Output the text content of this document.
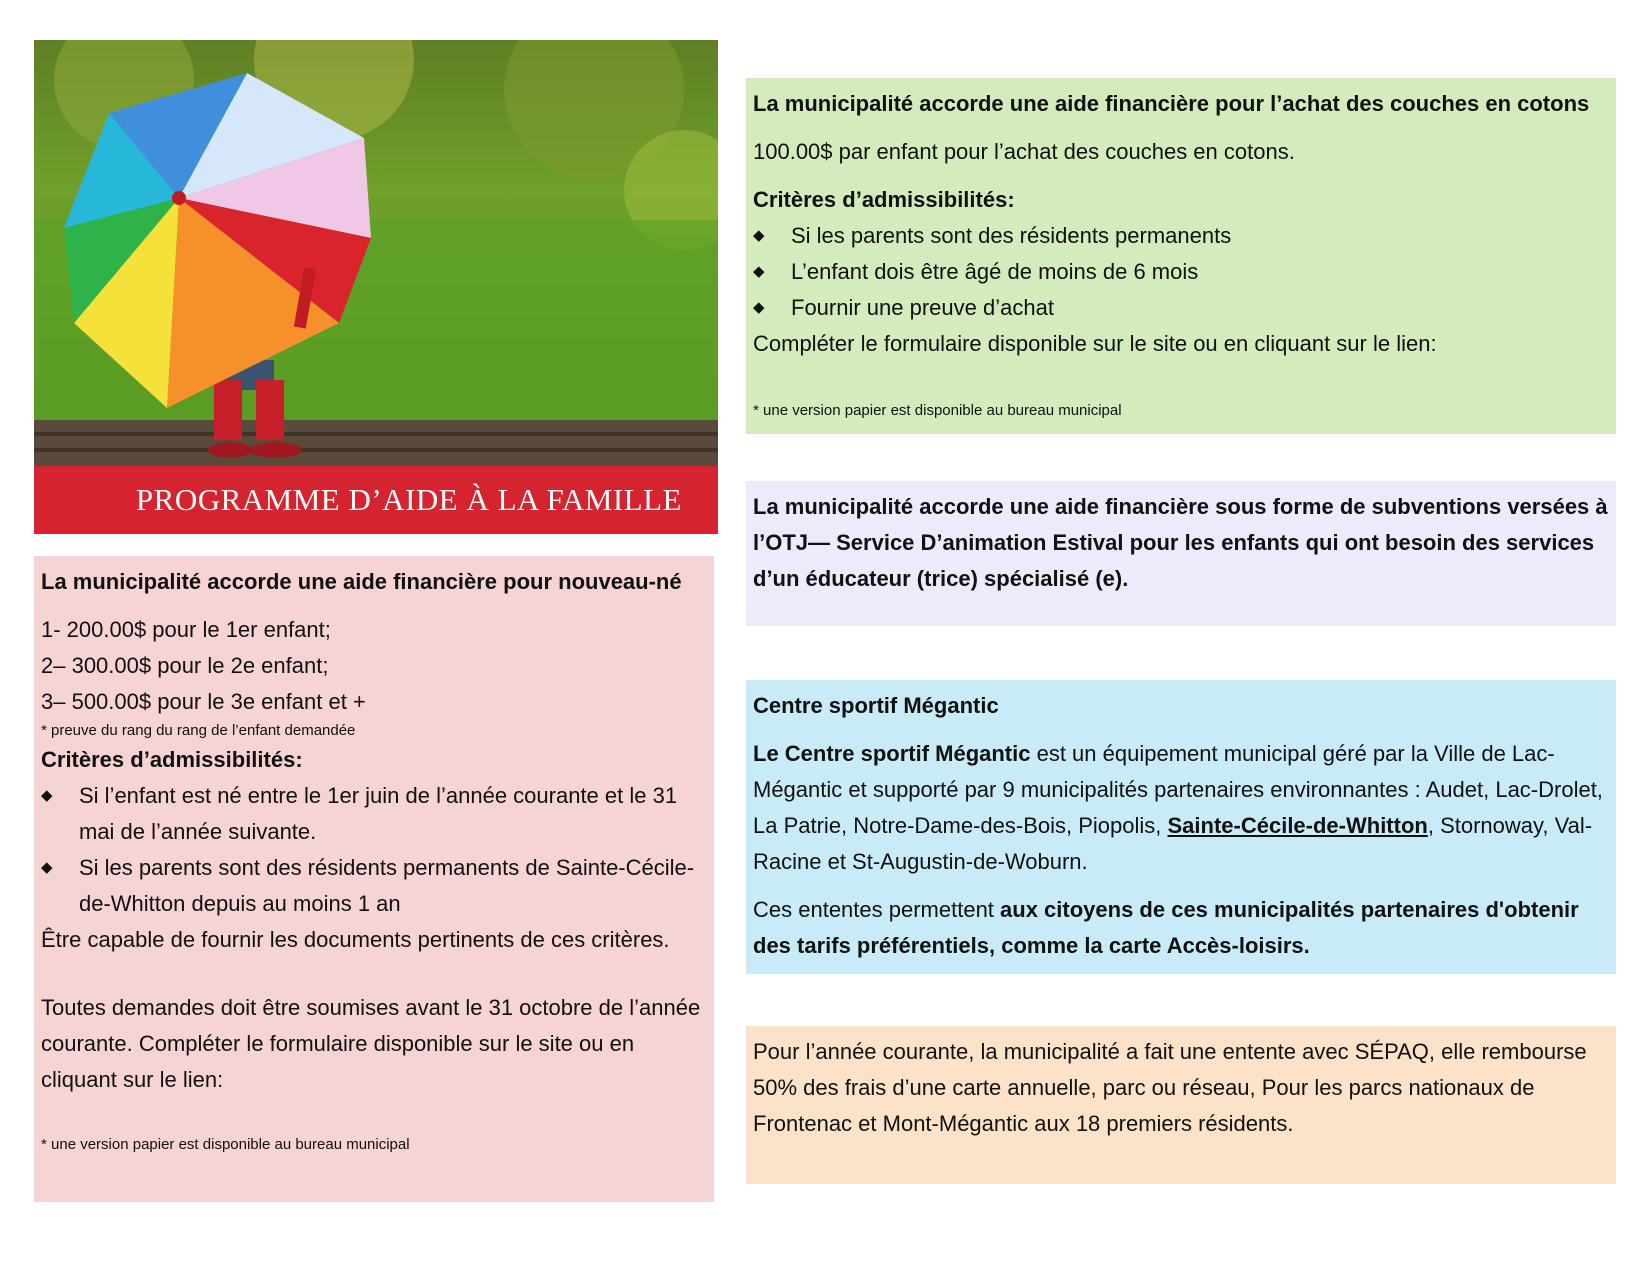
PROGRAMME D’AIDE À LA FAMILLE

La municipalité accorde une aide financière pour nouveau-né

1- 200.00$ pour le 1er enfant;

2– 300.00$ pour le 2e enfant;

3– 500.00$ pour le 3e enfant et +

* preuve du rang du rang de l’enfant demandée

Critères d’admissibilités:

◆	Si l’enfant est né entre le 1er juin de l’année courante et le 31 mai de l’année suivante.
◆	Si les parents sont des résidents permanents de Sainte-Cécile-de-Whitton depuis au moins 1 an

Être capable de fournir les documents pertinents de ces critères.

Toutes demandes doit être soumises avant le 31 octobre de l’année courante. Compléter le formulaire disponible sur le site ou en cliquant sur le lien:

* une version papier est disponible au bureau municipal

La municipalité accorde une aide financière pour l’achat des couches en cotons

100.00$ par enfant pour l’achat des couches en cotons.

Critères d’admissibilités:

◆	Si les parents sont des résidents permanents
◆	L’enfant dois être âgé de moins de 6 mois
◆	Fournir une preuve d’achat

Compléter le formulaire disponible sur le site ou en cliquant sur le lien:

* une version papier est disponible au bureau municipal

La municipalité accorde une aide financière sous forme de subventions versées à l’OTJ— Service D’animation Estival pour les enfants qui ont besoin des services d’un éducateur (trice) spécialisé (e).

Centre sportif Mégantic

Le Centre sportif Mégantic est un équipement municipal géré par la Ville de Lac-Mégantic et supporté par 9 municipalités partenaires environnantes : Audet, Lac-Drolet, La Patrie, Notre-Dame-des-Bois, Piopolis, Sainte-Cécile-de-Whitton, Stornoway, Val-Racine et St-Augustin-de-Woburn.

Ces ententes permettent aux citoyens de ces municipalités partenaires d'obtenir des tarifs préférentiels, comme la carte Accès-loisirs.

Pour l’année courante, la municipalité a fait une entente avec SÉPAQ, elle rembourse 50% des frais d’une carte annuelle, parc ou réseau, Pour les parcs nationaux de Frontenac et Mont-Mégantic aux 18 premiers résidents.
